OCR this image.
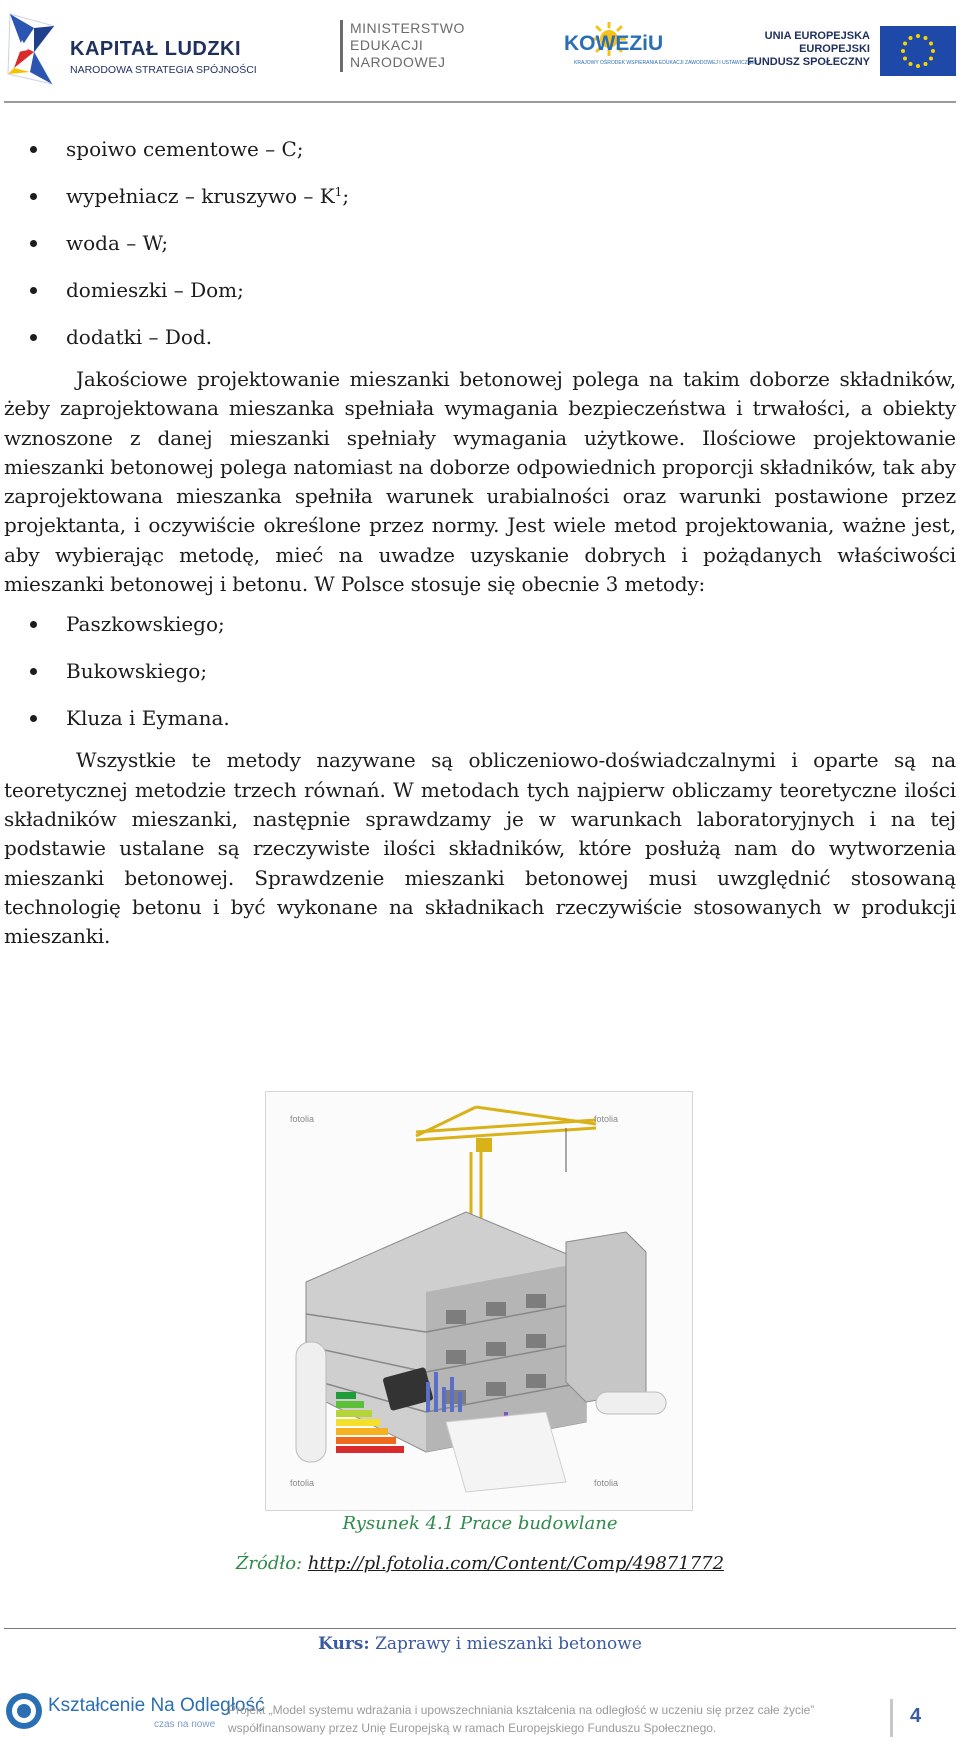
KAPITAŁ LUDZKI
NARODOWA STRATEGIA SPÓJNOŚCI
MINISTERSTWO
EDUKACJI
NARODOWEJ
KOWEZiU
KRAJOWY OŚRODEK WSPIERANIA EDUKACJI ZAWODOWEJ I USTAWICZNEJ
UNIA EUROPEJSKA
EUROPEJSKI
FUNDUSZ SPOŁECZNY
spoiwo cementowe – C;
wypełniacz – kruszywo – $K^1$;
woda – W;
domieszki – Dom;
dodatki – Dod.

Jakościowe projektowanie mieszanki betonowej polega na takim doborze składników, żeby zaprojektowana mieszanka spełniała wymagania bezpieczeństwa i trwałości, a obiekty wznoszone z danej mieszanki spełniały wymagania użytkowe. Ilościowe projektowanie mieszanki betonowej polega natomiast na doborze odpowiednich proporcji składników, tak aby zaprojektowana mieszanka spełniła warunek urabialności oraz warunki postawione przez projektanta, i oczywiście określone przez normy. Jest wiele metod projektowania, ważne jest, aby wybierając metodę, mieć na uwadze uzyskanie dobrych i pożądanych właściwości mieszanki betonowej i betonu. W Polsce stosuje się obecnie 3 metody:

Paszkowskiego;
Bukowskiego;
Kluza i Eymana.

Wszystkie te metody nazywane są obliczeniowo-doświadczalnymi i oparte są na teoretycznej metodzie trzech równań. W metodach tych najpierw obliczamy teoretyczne ilości składników mieszanki, następnie sprawdzamy je w warunkach laboratoryjnych i na tej podstawie ustalane są rzeczywiste ilości składników, które posłużą nam do wytworzenia mieszanki betonowej. Sprawdzenie mieszanki betonowej musi uwzględnić stosowaną technologię betonu i być wykonane na składnikach rzeczywiście stosowanych w produkcji mieszanki.

fotolia	fotolia
fotolia	fotolia
Rysunek 4.1 Prace budowlane
Źródło: http://pl.fotolia.com/Content/Comp/49871772
Kurs: Zaprawy i mieszanki betonowe
Kształcenie Na Odległość
czas na nowe
Projekt „Model systemu wdrażania i upowszechniania kształcenia na odległość w uczeniu się przez całe życie”
współfinansowany przez Unię Europejską w ramach Europejskiego Funduszu Społecznego.
4
